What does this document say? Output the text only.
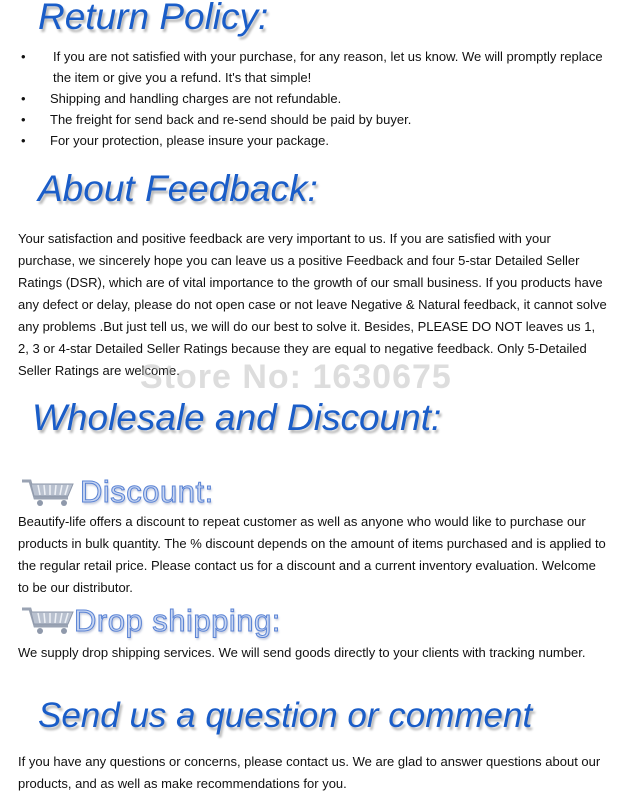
Return Policy:
• If you are not satisfied with your purchase, for any reason, let us know. We will promptly replace the item or give you a refund. It's that simple!
• Shipping and handling charges are not refundable.
• The freight for send back and re-send should be paid by buyer.
• For your protection, please insure your package.
About Feedback:

Your satisfaction and positive feedback are very important to us. If you are satisfied with your purchase, we sincerely hope you can leave us a positive Feedback and four 5-star Detailed Seller Ratings (DSR), which are of vital importance to the growth of our small business. If you products have any defect or delay, please do not open case or not leave Negative & Natural feedback, it cannot solve any problems .But just tell us, we will do our best to solve it. Besides, PLEASE DO NOT leaves us 1, 2, 3 or 4-star Detailed Seller Ratings because they are equal to negative feedback. Only 5-Detailed Seller Ratings are welcome.

Store No: 1630675
Wholesale and Discount:
Discount:

Beautify-life offers a discount to repeat customer as well as anyone who would like to purchase our products in bulk quantity. The % discount depends on the amount of items purchased and is applied to the regular retail price. Please contact us for a discount and a current inventory evaluation. Welcome to be our distributor.

Drop shipping:

We supply drop shipping services. We will send goods directly to your clients with tracking number.

Send us a question or comment

If you have any questions or concerns, please contact us. We are glad to answer questions about our products, and as well as make recommendations for you.
